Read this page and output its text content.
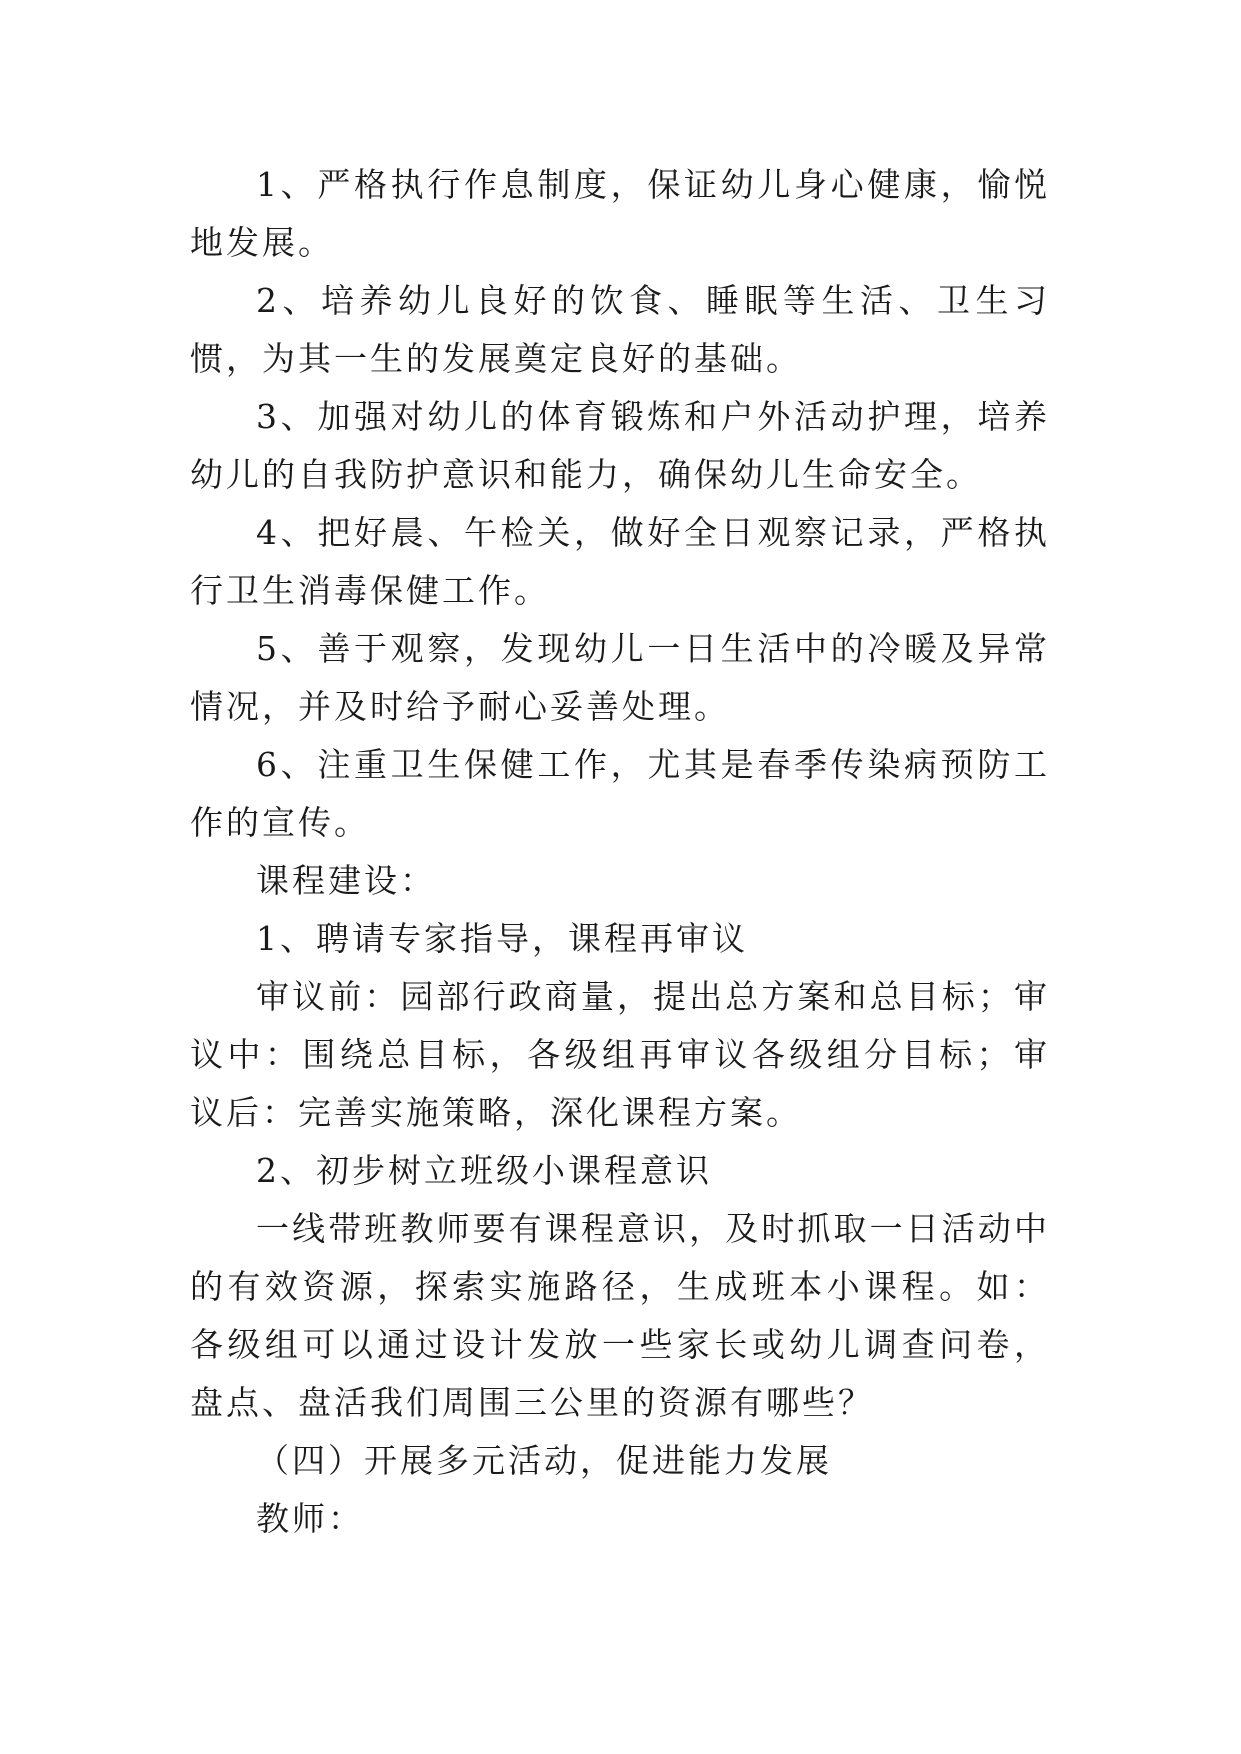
1、严格执行作息制度，保证幼儿身心健康，愉悦地发展。

2、培养幼儿良好的饮食、睡眠等生活、卫生习惯，为其一生的发展奠定良好的基础。

3、加强对幼儿的体育锻炼和户外活动护理，培养幼儿的自我防护意识和能力，确保幼儿生命安全。

4、把好晨、午检关，做好全日观察记录，严格执行卫生消毒保健工作。

5、善于观察，发现幼儿一日生活中的冷暖及异常情况，并及时给予耐心妥善处理。

6、注重卫生保健工作，尤其是春季传染病预防工作的宣传。

课程建设：

1、聘请专家指导，课程再审议

审议前：园部行政商量，提出总方案和总目标；审议中：围绕总目标，各级组再审议各级组分目标；审议后：完善实施策略，深化课程方案。

2、初步树立班级小课程意识

一线带班教师要有课程意识，及时抓取一日活动中的有效资源，探索实施路径，生成班本小课程。如：各级组可以通过设计发放一些家长或幼儿调查问卷，盘点、盘活我们周围三公里的资源有哪些？

（四）开展多元活动，促进能力发展

教师：
